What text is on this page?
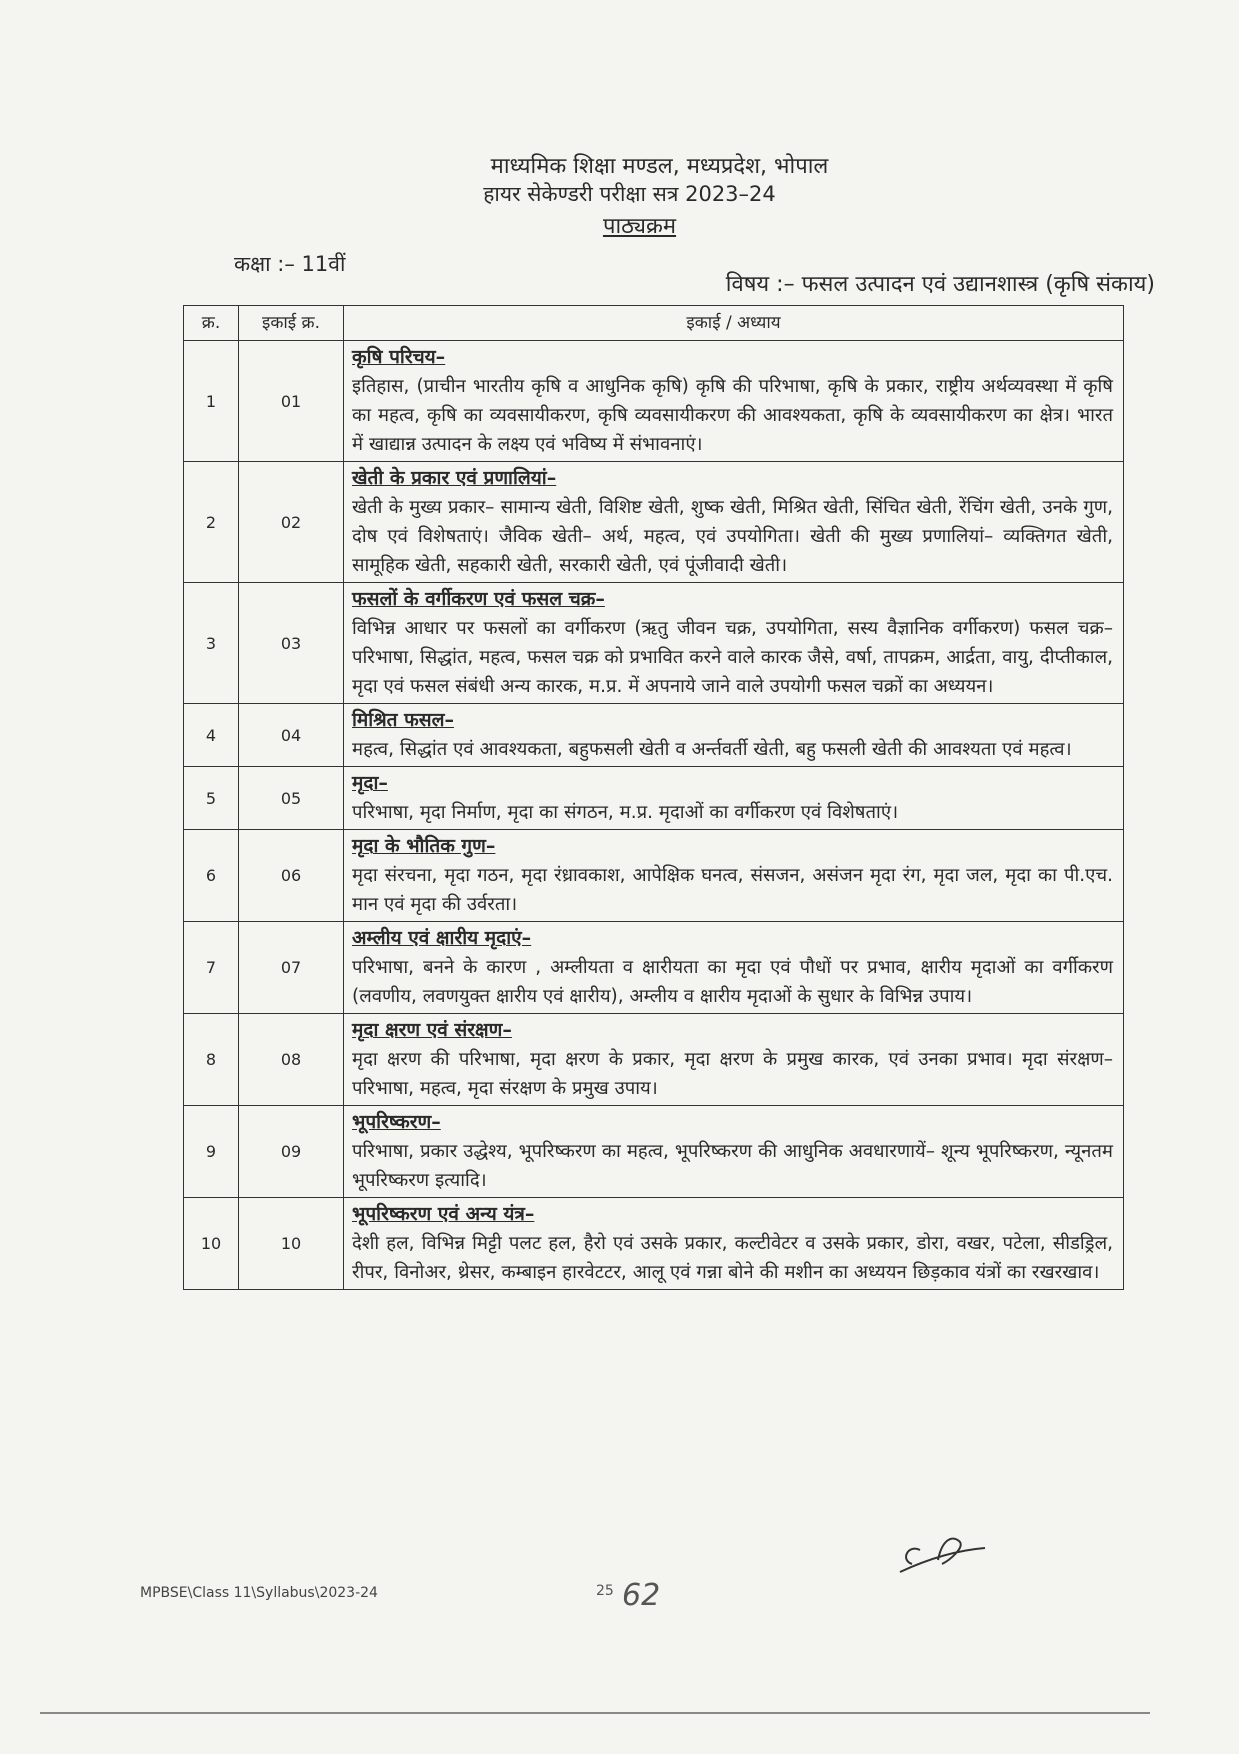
माध्यमिक शिक्षा मण्डल, मध्यप्रदेश, भोपाल
हायर सेकेण्डरी परीक्षा सत्र 2023–24
पाठ्यक्रम
कक्षा :– 11वीं
विषय :– फसल उत्पादन एवं उद्यानशास्त्र (कृषि संकाय)
क्र.	इकाई क्र.	इकाई / अध्याय
1	01	कृषि परिचय–
इतिहास, (प्राचीन भारतीय कृषि व आधुनिक कृषि) कृषि की परिभाषा, कृषि के प्रकार, राष्ट्रीय अर्थव्यवस्था में कृषि का महत्व, कृषि का व्यवसायीकरण, कृषि व्यवसायीकरण की आवश्यकता, कृषि के व्यवसायीकरण का क्षेत्र। भारत में खाद्यान्न उत्पादन के लक्ष्य एवं भविष्य में संभावनाएं।

2	02	खेती के प्रकार एवं प्रणालियां–
खेती के मुख्य प्रकार– सामान्य खेती, विशिष्ट खेती, शुष्क खेती, मिश्रित खेती, सिंचित खेती, रेंचिंग खेती, उनके गुण, दोष एवं विशेषताएं। जैविक खेती– अर्थ, महत्व, एवं उपयोगिता। खेती की मुख्य प्रणालियां– व्यक्तिगत खेती, सामूहिक खेती, सहकारी खेती, सरकारी खेती, एवं पूंजीवादी खेती।

3	03	फसलों के वर्गीकरण एवं फसल चक्र–
विभिन्न आधार पर फसलों का वर्गीकरण (ऋतु जीवन चक्र, उपयोगिता, सस्य वैज्ञानिक वर्गीकरण) फसल चक्र– परिभाषा, सिद्धांत, महत्व, फसल चक्र को प्रभावित करने वाले कारक जैसे, वर्षा, तापक्रम, आर्द्रता, वायु, दीप्तीकाल, मृदा एवं फसल संबंधी अन्य कारक, म.प्र. में अपनाये जाने वाले उपयोगी फसल चक्रों का अध्ययन।

4	04	मिश्रित फसल–
महत्व, सिद्धांत एवं आवश्यकता, बहुफसली खेती व अर्न्तवर्ती खेती, बहु फसली खेती की आवश्यता एवं महत्व।

5	05	मृदा–
परिभाषा, मृदा निर्माण, मृदा का संगठन, म.प्र. मृदाओं का वर्गीकरण एवं विशेषताएं।

6	06	मृदा के भौतिक गुण–
मृदा संरचना, मृदा गठन, मृदा रंध्रावकाश, आपेक्षिक घनत्व, संसजन, असंजन मृदा रंग, मृदा जल, मृदा का पी.एच. मान एवं मृदा की उर्वरता।

7	07	अम्लीय एवं क्षारीय मृदाएं–
परिभाषा, बनने के कारण , अम्लीयता व क्षारीयता का मृदा एवं पौधों पर प्रभाव, क्षारीय मृदाओं का वर्गीकरण (लवणीय, लवणयुक्त क्षारीय एवं क्षारीय), अम्लीय व क्षारीय मृदाओं के सुधार के विभिन्न उपाय।

8	08	मृदा क्षरण एवं संरक्षण–
मृदा क्षरण की परिभाषा, मृदा क्षरण के प्रकार, मृदा क्षरण के प्रमुख कारक, एवं उनका प्रभाव। मृदा संरक्षण– परिभाषा, महत्व, मृदा संरक्षण के प्रमुख उपाय।

9	09	भूपरिष्करण–
परिभाषा, प्रकार उद्धेश्य, भूपरिष्करण का महत्व, भूपरिष्करण की आधुनिक अवधारणायें– शून्य भूपरिष्करण, न्यूनतम भूपरिष्करण इत्यादि।

10	10	भूपरिष्करण एवं अन्य यंत्र–
देशी हल, विभिन्न मिट्टी पलट हल, हैरो एवं उसके प्रकार, कल्टीवेटर व उसके प्रकार, डोरा, वखर, पटेला, सीडड्रिल, रीपर, विनोअर, थ्रेसर, कम्बाइन हारवेटटर, आलू एवं गन्ना बोने की मशीन का अध्ययन छिड़काव यंत्रों का रखरखाव।
MPBSE\Class 11\Syllabus\2023-24	25 62
